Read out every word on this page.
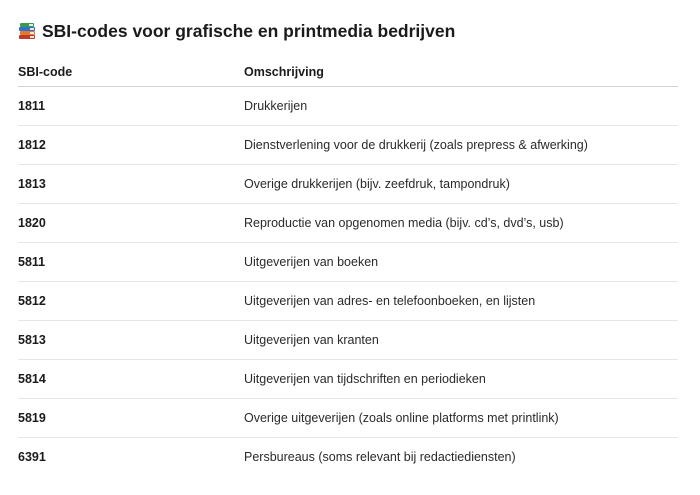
SBI-codes voor grafische en printmedia bedrijven
SBI-code	Omschrijving
1811	Drukkerijen
1812	Dienstverlening voor de drukkerij (zoals prepress & afwerking)
1813	Overige drukkerijen (bijv. zeefdruk, tampondruk)
1820	Reproductie van opgenomen media (bijv. cd’s, dvd’s, usb)
5811	Uitgeverijen van boeken
5812	Uitgeverijen van adres- en telefoonboeken, en lijsten
5813	Uitgeverijen van kranten
5814	Uitgeverijen van tijdschriften en periodieken
5819	Overige uitgeverijen (zoals online platforms met printlink)
6391	Persbureaus (soms relevant bij redactiediensten)
